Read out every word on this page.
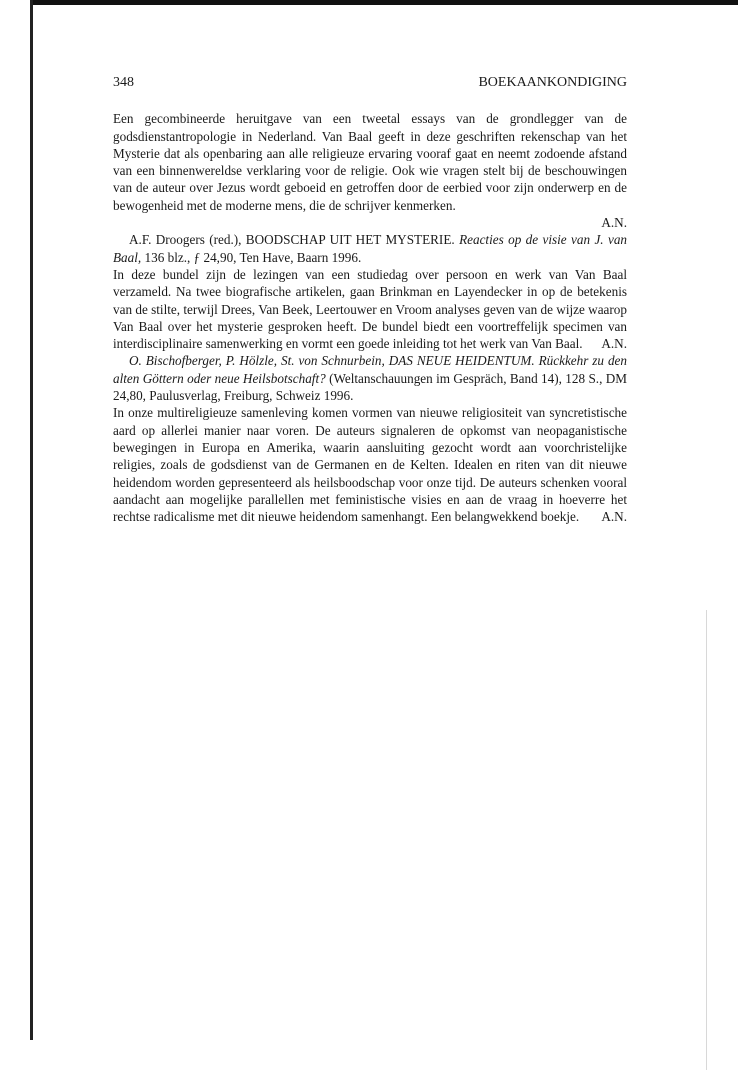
348	BOEKAANKONDIGING

Een gecombineerde heruitgave van een tweetal essays van de grondlegger van de godsdienstantropologie in Nederland. Van Baal geeft in deze geschriften rekenschap van het Mysterie dat als openbaring aan alle religieuze ervaring vooraf gaat en neemt zodoende afstand van een binnenwereldse verklaring voor de religie. Ook wie vragen stelt bij de beschouwingen van de auteur over Jezus wordt geboeid en getroffen door de eerbied voor zijn onderwerp en de bewogenheid met de moderne mens, die de schrijver kenmerken.

A.N.

A.F. Droogers (red.), BOODSCHAP UIT HET MYSTERIE. Reacties op de visie van J. van Baal, 136 blz., ƒ 24,90, Ten Have, Baarn 1996.

In deze bundel zijn de lezingen van een studiedag over persoon en werk van Van Baal verzameld. Na twee biografische artikelen, gaan Brinkman en Layendecker in op de betekenis van de stilte, terwijl Drees, Van Beek, Leertouwer en Vroom analyses geven van de wijze waarop Van Baal over het mysterie gesproken heeft. De bundel biedt een voortreffelijk specimen van interdisciplinaire samenwerking en vormt een goede inleiding tot het werk van Van Baal. A.N.

O. Bischofberger, P. Hölzle, St. von Schnurbein, DAS NEUE HEIDENTUM. Rückkehr zu den alten Göttern oder neue Heilsbotschaft? (Weltanschauungen im Gespräch, Band 14), 128 S., DM 24,80, Paulusverlag, Freiburg, Schweiz 1996.

In onze multireligieuze samenleving komen vormen van nieuwe religiositeit van syncretistische aard op allerlei manier naar voren. De auteurs signaleren de opkomst van neopaganistische bewegingen in Europa en Amerika, waarin aansluiting gezocht wordt aan voorchristelijke religies, zoals de godsdienst van de Germanen en de Kelten. Idealen en riten van dit nieuwe heidendom worden gepresenteerd als heilsboodschap voor onze tijd. De auteurs schenken vooral aandacht aan mogelijke parallellen met feministische visies en aan de vraag in hoeverre het rechtse radicalisme met dit nieuwe heidendom samenhangt. Een belangwekkend boekje. A.N.
